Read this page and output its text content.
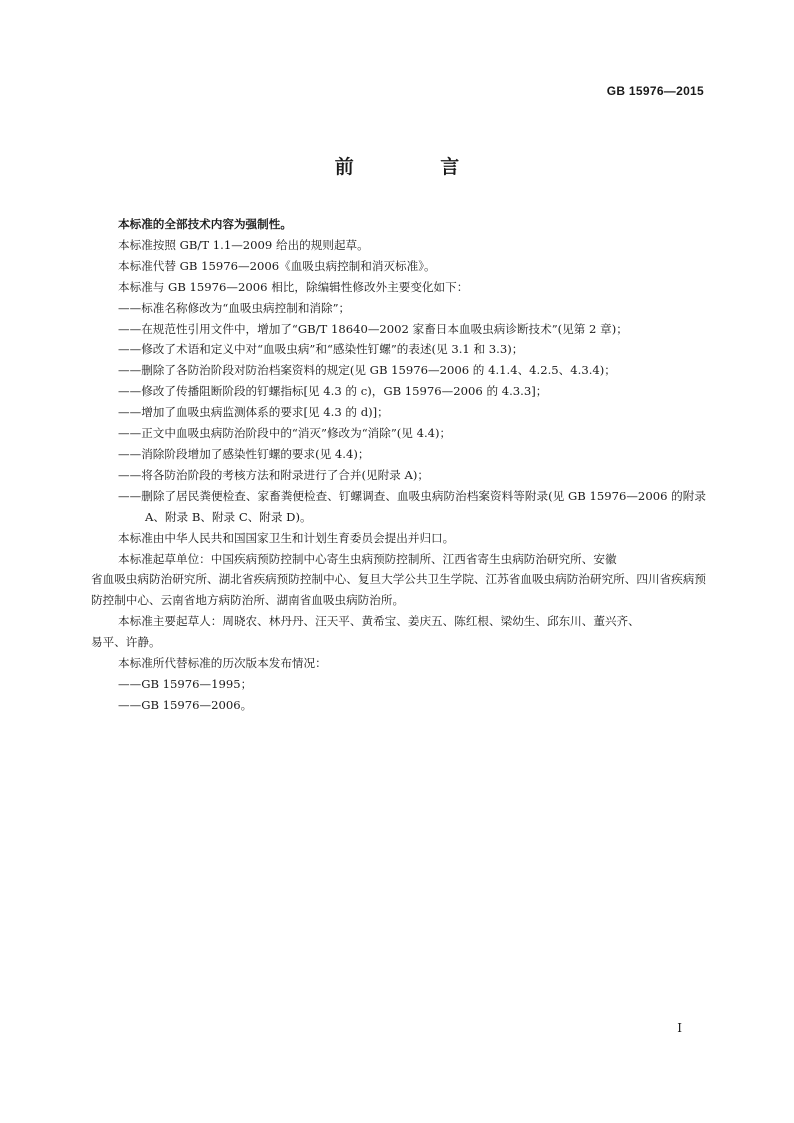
GB 15976—2015
前 言

本标准的全部技术内容为强制性。

本标准按照 GB/T 1.1—2009 给出的规则起草。

本标准代替 GB 15976—2006《血吸虫病控制和消灭标准》。

本标准与 GB 15976—2006 相比，除编辑性修改外主要变化如下：

——标准名称修改为“血吸虫病控制和消除”；

——在规范性引用文件中，增加了“GB/T 18640—2002 家畜日本血吸虫病诊断技术”(见第 2 章)；

——修改了术语和定义中对“血吸虫病”和“感染性钉螺”的表述(见 3.1 和 3.3)；

——删除了各防治阶段对防治档案资料的规定(见 GB 15976—2006 的 4.1.4、4.2.5、4.3.4)；

——修改了传播阻断阶段的钉螺指标[见 4.3 的 c)，GB 15976—2006 的 4.3.3]；

——增加了血吸虫病监测体系的要求[见 4.3 的 d)]；

——正文中血吸虫病防治阶段中的“消灭”修改为“消除”(见 4.4)；

——消除阶段增加了感染性钉螺的要求(见 4.4)；

——将各防治阶段的考核方法和附录进行了合并(见附录 A)；

——删除了居民粪便检查、家畜粪便检查、钉螺调查、血吸虫病防治档案资料等附录(见 GB 15976—2006 的附录 A、附录 B、附录 C、附录 D)。

本标准由中华人民共和国国家卫生和计划生育委员会提出并归口。

本标准起草单位：中国疾病预防控制中心寄生虫病预防控制所、江西省寄生虫病防治研究所、安徽

省血吸虫病防治研究所、湖北省疾病预防控制中心、复旦大学公共卫生学院、江苏省血吸虫病防治研究所、四川省疾病预防控制中心、云南省地方病防治所、湖南省血吸虫病防治所。

本标准主要起草人：周晓农、林丹丹、汪天平、黄希宝、姜庆五、陈红根、梁幼生、邱东川、董兴齐、

易平、许静。

本标准所代替标准的历次版本发布情况：

——GB 15976—1995；

——GB 15976—2006。

I
